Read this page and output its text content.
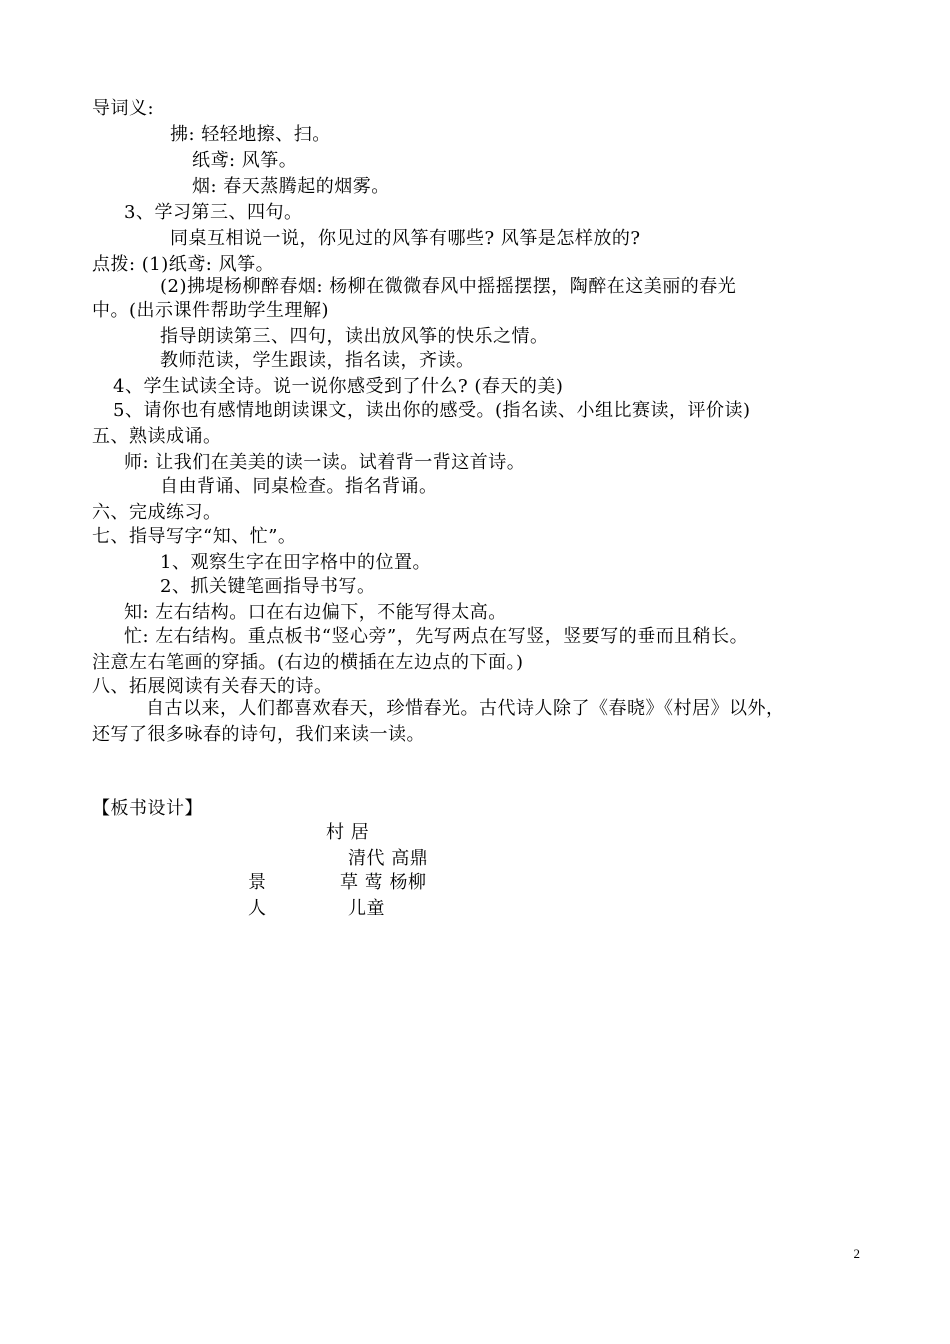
导词义:
拂: 轻轻地擦、扫。
纸鸢: 风筝。
烟: 春天蒸腾起的烟雾。
3、学习第三、四句。
同桌互相说一说，你见过的风筝有哪些? 风筝是怎样放的?
点拨: (1)纸鸢: 风筝。
(2)拂堤杨柳醉春烟: 杨柳在微微春风中摇摇摆摆，陶醉在这美丽的春光
中。(出示课件帮助学生理解)
指导朗读第三、四句，读出放风筝的快乐之情。
教师范读，学生跟读，指名读，齐读。
4、学生试读全诗。说一说你感受到了什么? (春天的美)
5、请你也有感情地朗读课文，读出你的感受。(指名读、小组比赛读，评价读)
五、熟读成诵。
师: 让我们在美美的读一读。试着背一背这首诗。
自由背诵、同桌检查。指名背诵。
六、完成练习。
七、指导写字“知、忙”。
1、观察生字在田字格中的位置。
2、抓关键笔画指导书写。
知: 左右结构。口在右边偏下，不能写得太高。
忙: 左右结构。重点板书“竖心旁”，先写两点在写竖，竖要写的垂而且稍长。
注意左右笔画的穿插。(右边的横插在左边点的下面。)
八、拓展阅读有关春天的诗。
自古以来，人们都喜欢春天，珍惜春光。古代诗人除了《春晓》《村居》以外，
还写了很多咏春的诗句，我们来读一读。
【板书设计】
村 居
清代 高鼎
景	草 莺 杨柳
人	儿童
2
